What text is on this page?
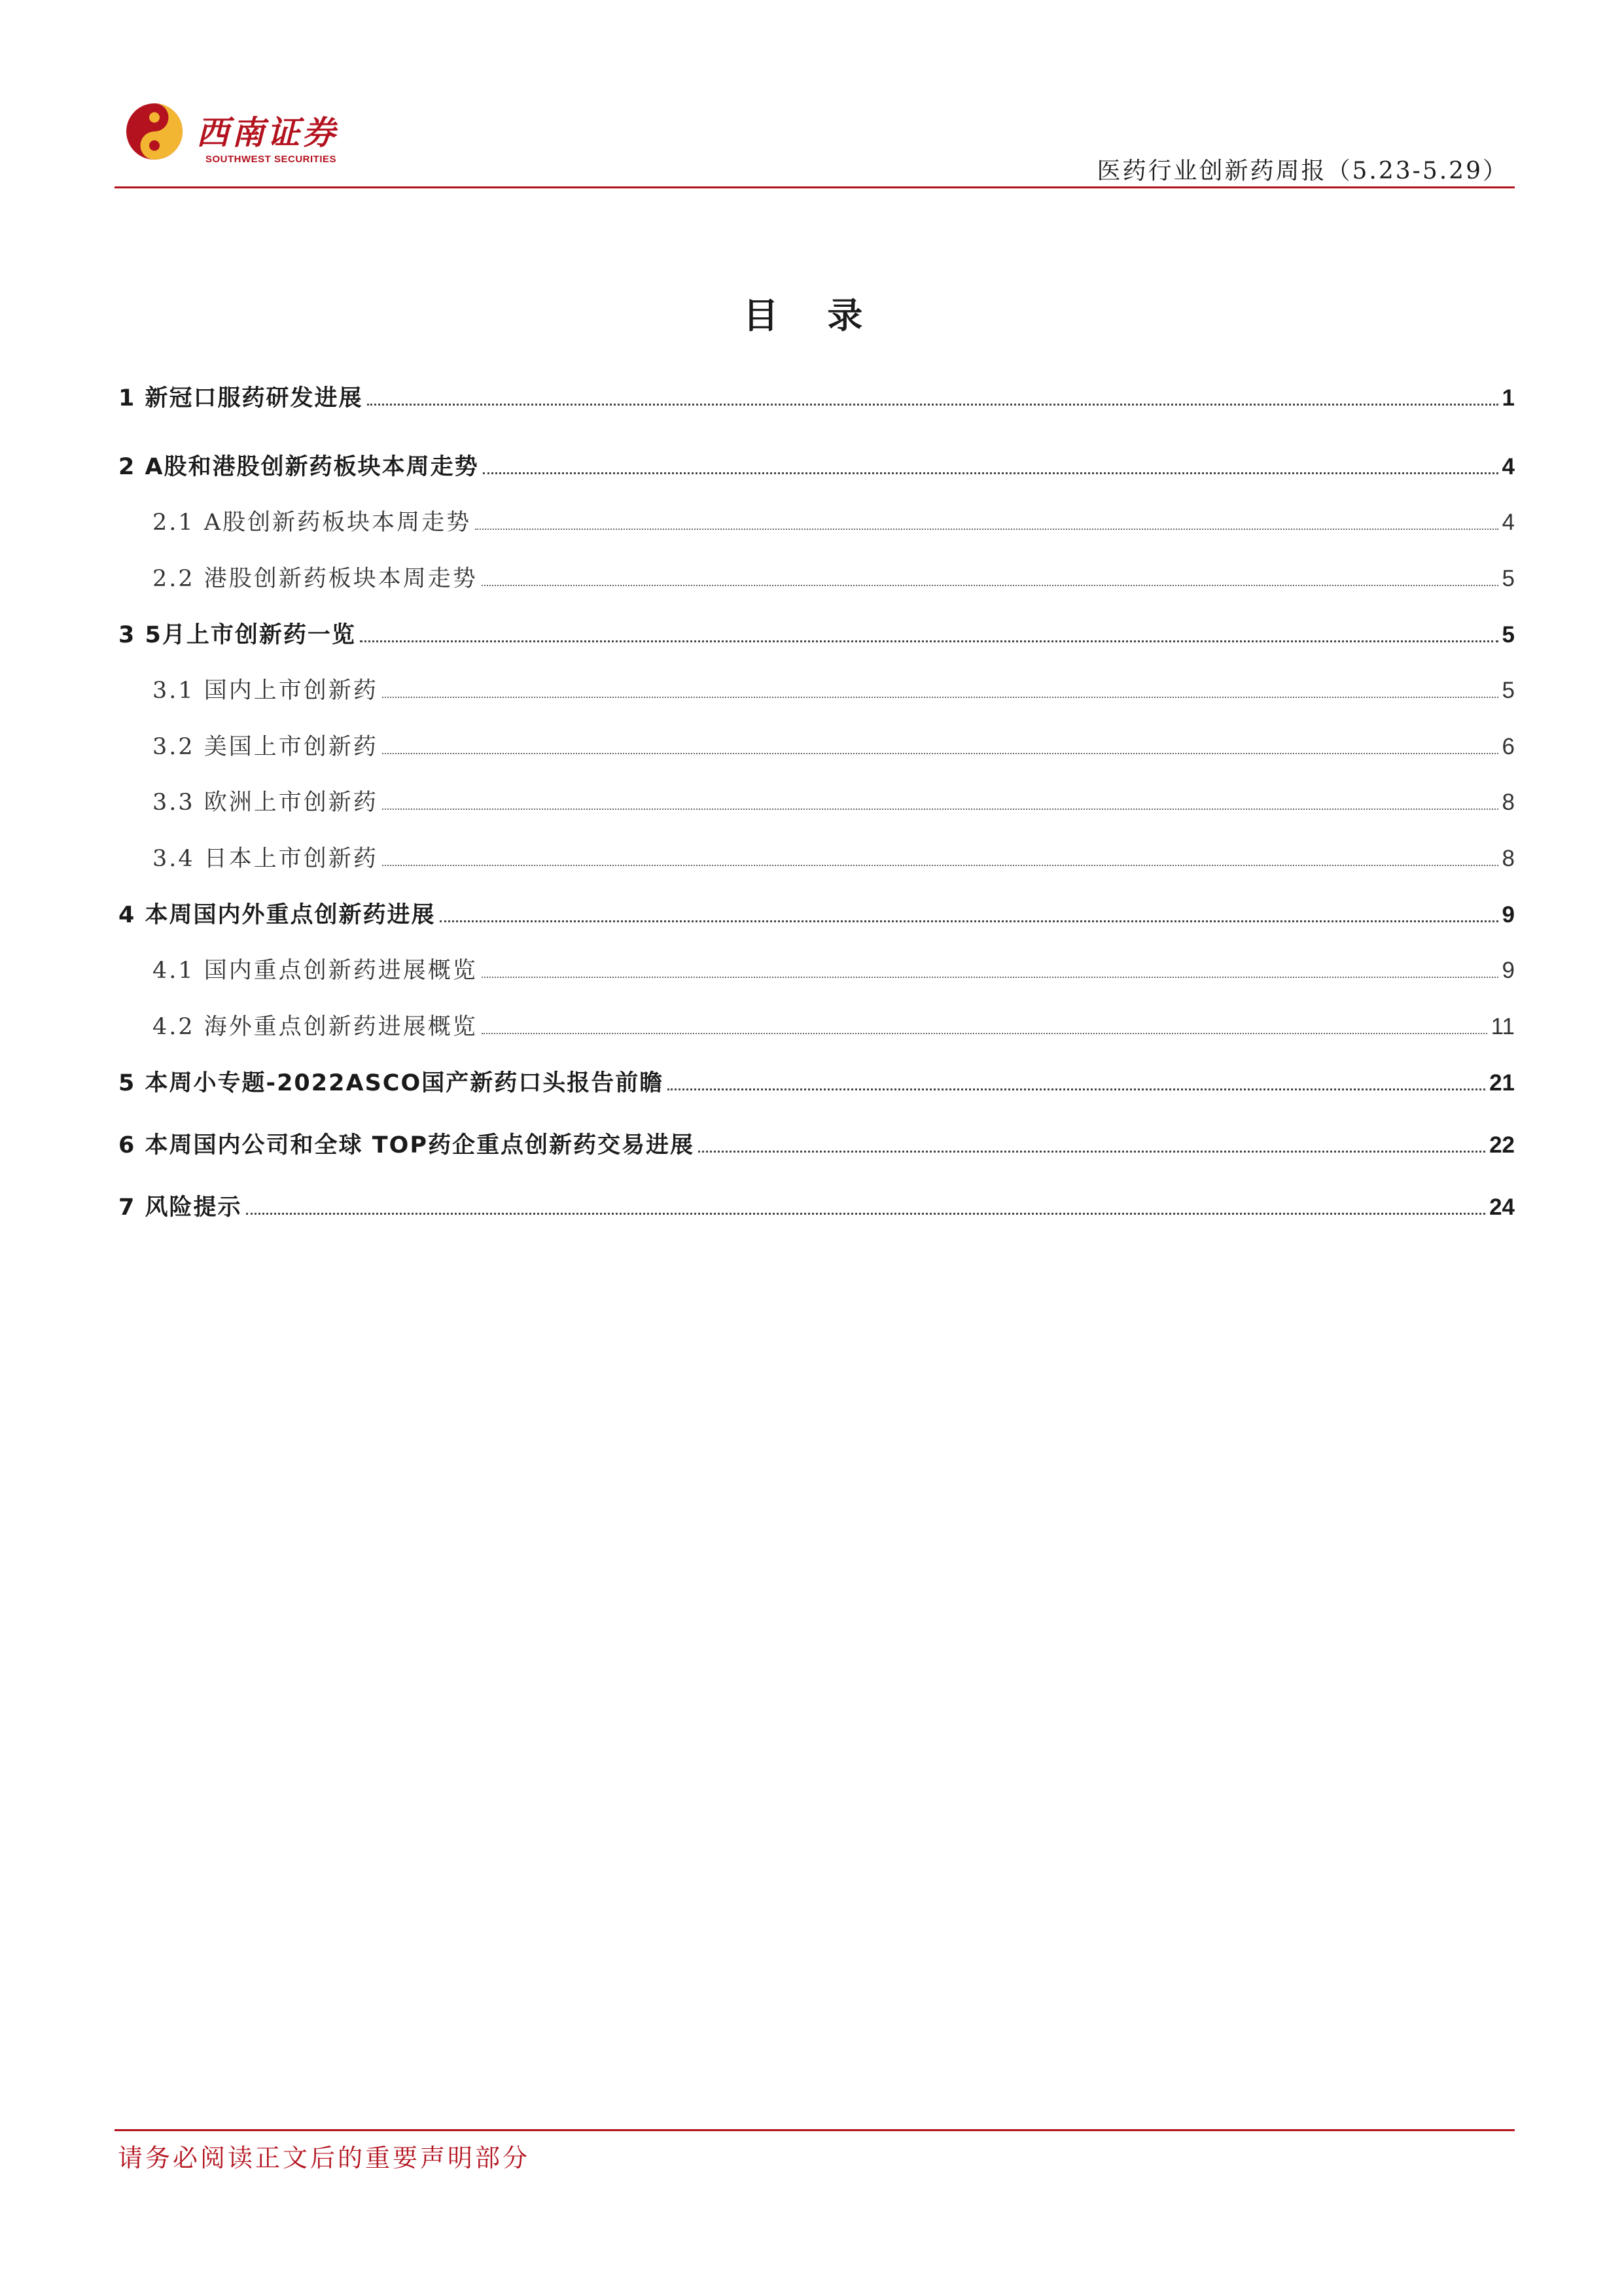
西南证券
SOUTHWEST SECURITIES	医药行业创新药周报（5.23-5.29）
目 录
1 新冠口服药研发进展	1
2 A股和港股创新药板块本周走势	4
2.1 A股创新药板块本周走势	4
2.2 港股创新药板块本周走势	5
3 5月上市创新药一览	5
3.1 国内上市创新药	5
3.2 美国上市创新药	6
3.3 欧洲上市创新药	8
3.4 日本上市创新药	8
4 本周国内外重点创新药进展	9
4.1 国内重点创新药进展概览	9
4.2 海外重点创新药进展概览	11
5 本周小专题-2022ASCO国产新药口头报告前瞻	21
6 本周国内公司和全球 TOP药企重点创新药交易进展	22
7 风险提示	24
请务必阅读正文后的重要声明部分
